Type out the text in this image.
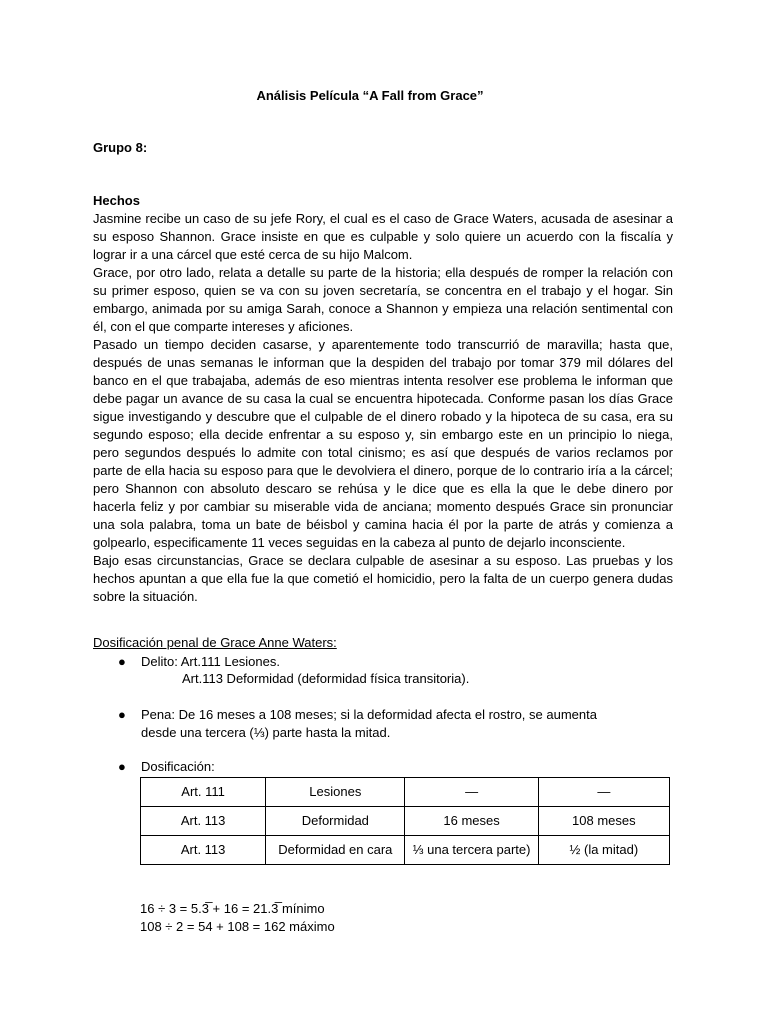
Análisis Película “A Fall from Grace”
Grupo 8:
Hechos

Jasmine recibe un caso de su jefe Rory, el cual es el caso de Grace Waters, acusada de asesinar a su esposo Shannon. Grace insiste en que es culpable y solo quiere un acuerdo con la fiscalía y lograr ir a una cárcel que esté cerca de su hijo Malcom.

Grace, por otro lado, relata a detalle su parte de la historia; ella después de romper la relación con su primer esposo, quien se va con su joven secretaría, se concentra en el trabajo y el hogar. Sin embargo, animada por su amiga Sarah, conoce a Shannon y empieza una relación sentimental con él, con el que comparte intereses y aficiones.

Pasado un tiempo deciden casarse, y aparentemente todo transcurrió de maravilla; hasta que, después de unas semanas le informan que la despiden del trabajo por tomar 379 mil dólares del banco en el que trabajaba, además de eso mientras intenta resolver ese problema le informan que debe pagar un avance de su casa la cual se encuentra hipotecada. Conforme pasan los días Grace sigue investigando y descubre que el culpable de el dinero robado y la hipoteca de su casa, era su segundo esposo; ella decide enfrentar a su esposo y, sin embargo este en un principio lo niega, pero segundos después lo admite con total cinismo; es así que después de varios reclamos por parte de ella hacia su esposo para que le devolviera el dinero, porque de lo contrario iría a la cárcel; pero Shannon con absoluto descaro se rehúsa y le dice que es ella la que le debe dinero por hacerla feliz y por cambiar su miserable vida de anciana; momento después Grace sin pronunciar una sola palabra, toma un bate de béisbol y camina hacia él por la parte de atrás y comienza a golpearlo, especificamente 11 veces seguidas en la cabeza al punto de dejarlo inconsciente.

Bajo esas circunstancias, Grace se declara culpable de asesinar a su esposo. Las pruebas y los hechos apuntan a que ella fue la que cometió el homicidio, pero la falta de un cuerpo genera dudas sobre la situación.

Dosificación penal de Grace Anne Waters:
● Delito: Art.111 Lesiones.
Art.113 Deformidad (deformidad física transitoria).
● Pena: De 16 meses a 108 meses; si la deformidad afecta el rostro, se aumenta
desde una tercera (⅓) parte hasta la mitad.
● Dosificación:
Art. 111	Lesiones	—	—
Art. 113	Deformidad	16 meses	108 meses
Art. 113	Deformidad en cara	⅓ una tercera parte)	½ (la mitad)
16 ÷ 3 = 5.3̅ + 16 = 21.3̅ mínimo
108 ÷ 2 = 54 + 108 = 162 máximo
